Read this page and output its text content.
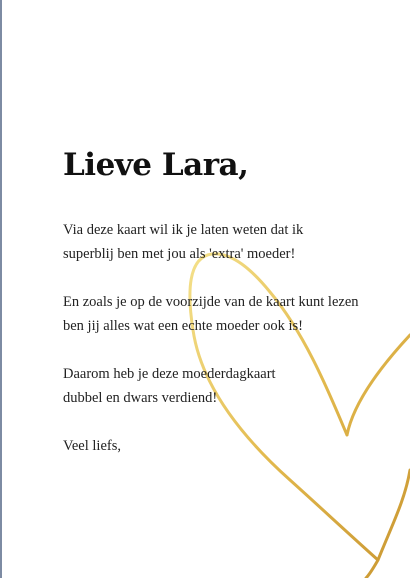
Lieve Lara,

Via deze kaart wil ik je laten weten dat ik
superblij ben met jou als 'extra' moeder!

En zoals je op de voorzijde van de kaart kunt lezen
ben jij alles wat een echte moeder ook is!

Daarom heb je deze moederdagkaart
dubbel en dwars verdiend!

Veel liefs,
